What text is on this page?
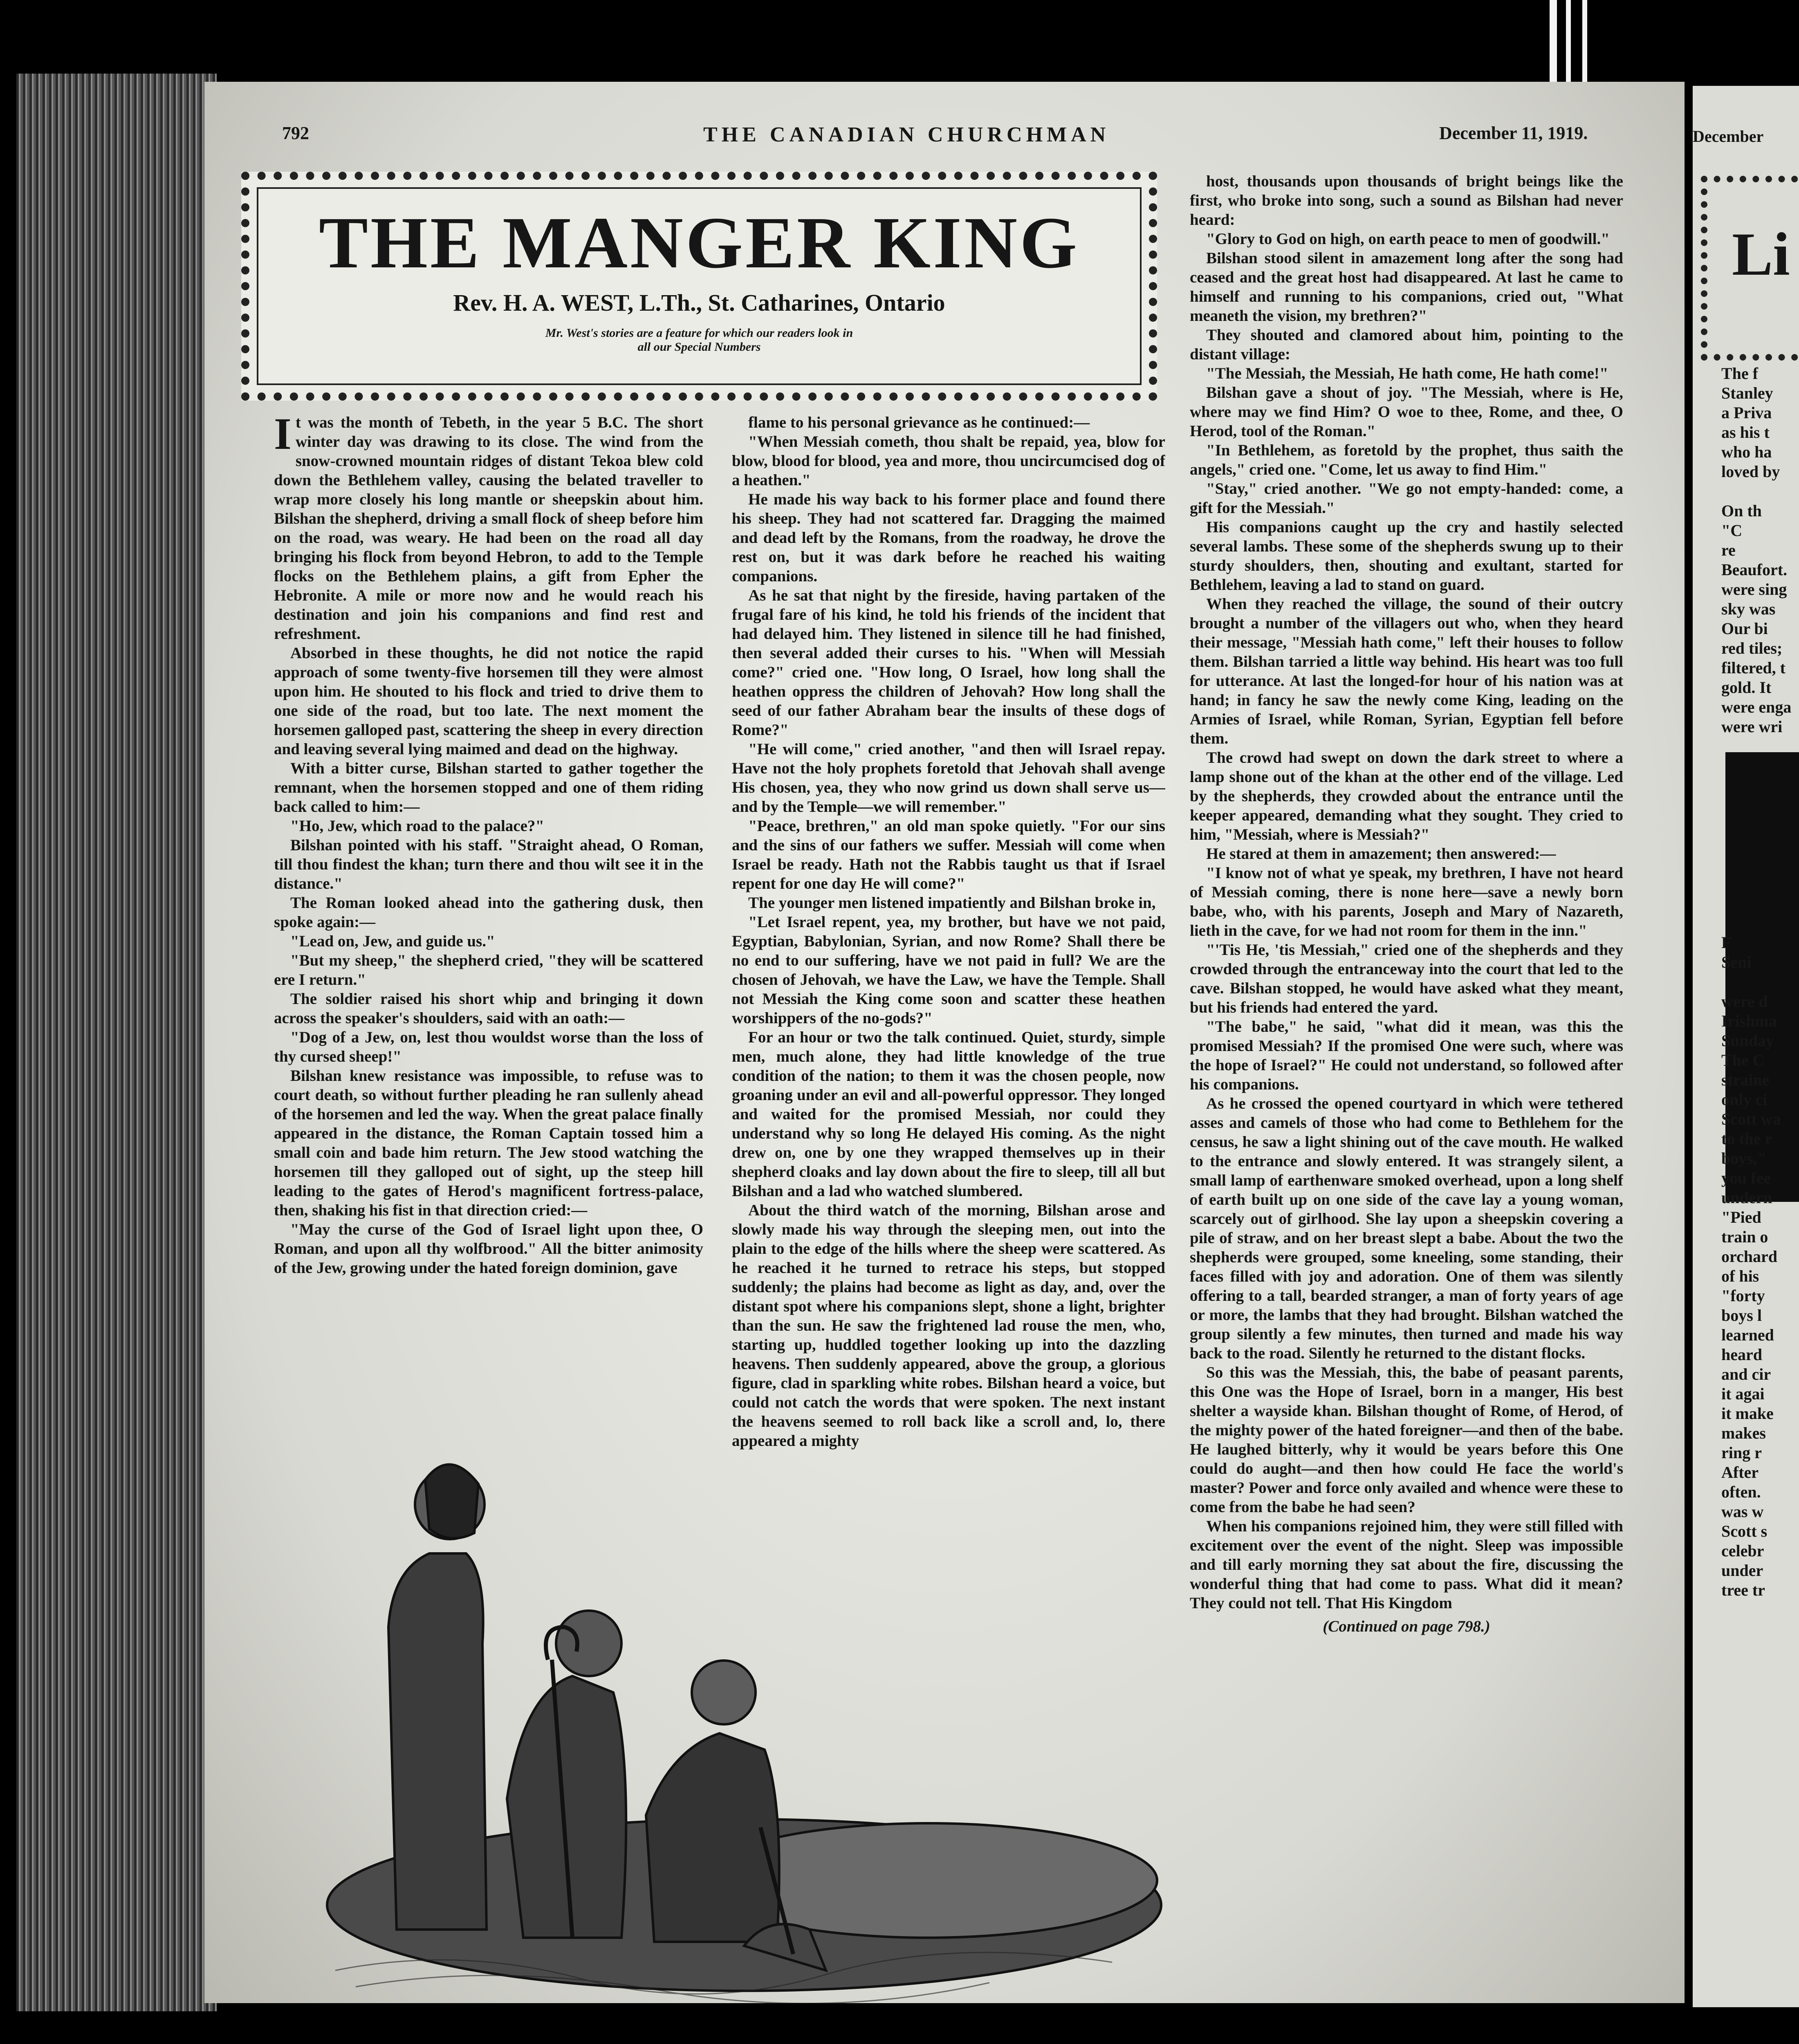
792	THE CANADIAN CHURCHMAN	December 11, 1919.
THE MANGER KING
Rev. H. A. WEST, L.Th., St. Catharines, Ontario
Mr. West's stories are a feature for which our readers look in all our Special Numbers

It was the month of Tebeth, in the year 5 B.C. The short winter day was drawing to its close. The wind from the snow-crowned mountain ridges of distant Tekoa blew cold down the Bethlehem valley, causing the belated traveller to wrap more closely his long mantle or sheepskin about him. Bilshan the shepherd, driving a small flock of sheep before him on the road, was weary. He had been on the road all day bringing his flock from beyond Hebron, to add to the Temple flocks on the Bethlehem plains, a gift from Epher the Hebronite. A mile or more now and he would reach his destination and join his companions and find rest and refreshment.

Absorbed in these thoughts, he did not notice the rapid approach of some twenty-five horsemen till they were almost upon him. He shouted to his flock and tried to drive them to one side of the road, but too late. The next moment the horsemen galloped past, scattering the sheep in every direction and leaving several lying maimed and dead on the highway.

With a bitter curse, Bilshan started to gather together the remnant, when the horsemen stopped and one of them riding back called to him:—

"Ho, Jew, which road to the palace?"

Bilshan pointed with his staff. "Straight ahead, O Roman, till thou findest the khan; turn there and thou wilt see it in the distance."

The Roman looked ahead into the gathering dusk, then spoke again:—

"Lead on, Jew, and guide us."

"But my sheep," the shepherd cried, "they will be scattered ere I return."

The soldier raised his short whip and bringing it down across the speaker's shoulders, said with an oath:—

"Dog of a Jew, on, lest thou wouldst worse than the loss of thy cursed sheep!"

Bilshan knew resistance was impossible, to refuse was to court death, so without further pleading he ran sullenly ahead of the horsemen and led the way. When the great palace finally appeared in the distance, the Roman Captain tossed him a small coin and bade him return. The Jew stood watching the horsemen till they galloped out of sight, up the steep hill leading to the gates of Herod's magnificent fortress-palace, then, shaking his fist in that direction cried:—

"May the curse of the God of Israel light upon thee, O Roman, and upon all thy wolfbrood." All the bitter animosity of the Jew, growing under the hated foreign dominion, gave

flame to his personal grievance as he continued:—

"When Messiah cometh, thou shalt be repaid, yea, blow for blow, blood for blood, yea and more, thou uncircumcised dog of a heathen."

He made his way back to his former place and found there his sheep. They had not scattered far. Dragging the maimed and dead left by the Romans, from the roadway, he drove the rest on, but it was dark before he reached his waiting companions.

As he sat that night by the fireside, having partaken of the frugal fare of his kind, he told his friends of the incident that had delayed him. They listened in silence till he had finished, then several added their curses to his. "When will Messiah come?" cried one. "How long, O Israel, how long shall the heathen oppress the children of Jehovah? How long shall the seed of our father Abraham bear the insults of these dogs of Rome?"

"He will come," cried another, "and then will Israel repay. Have not the holy prophets foretold that Jehovah shall avenge His chosen, yea, they who now grind us down shall serve us—and by the Temple—we will remember."

"Peace, brethren," an old man spoke quietly. "For our sins and the sins of our fathers we suffer. Messiah will come when Israel be ready. Hath not the Rabbis taught us that if Israel repent for one day He will come?"

The younger men listened impatiently and Bilshan broke in,

"Let Israel repent, yea, my brother, but have we not paid, Egyptian, Babylonian, Syrian, and now Rome? Shall there be no end to our suffering, have we not paid in full? We are the chosen of Jehovah, we have the Law, we have the Temple. Shall not Messiah the King come soon and scatter these heathen worshippers of the no-gods?"

For an hour or two the talk continued. Quiet, sturdy, simple men, much alone, they had little knowledge of the true condition of the nation; to them it was the chosen people, now groaning under an evil and all-powerful oppressor. They longed and waited for the promised Messiah, nor could they understand why so long He delayed His coming. As the night drew on, one by one they wrapped themselves up in their shepherd cloaks and lay down about the fire to sleep, till all but Bilshan and a lad who watched slumbered.

About the third watch of the morning, Bilshan arose and slowly made his way through the sleeping men, out into the plain to the edge of the hills where the sheep were scattered. As he reached it he turned to retrace his steps, but stopped suddenly; the plains had become as light as day, and, over the distant spot where his companions slept, shone a light, brighter than the sun. He saw the frightened lad rouse the men, who, starting up, huddled together looking up into the dazzling heavens. Then suddenly appeared, above the group, a glorious figure, clad in sparkling white robes. Bilshan heard a voice, but could not catch the words that were spoken. The next instant the heavens seemed to roll back like a scroll and, lo, there appeared a mighty

host, thousands upon thousands of bright beings like the first, who broke into song, such a sound as Bilshan had never heard:

"Glory to God on high, on earth peace to men of goodwill."

Bilshan stood silent in amazement long after the song had ceased and the great host had disappeared. At last he came to himself and running to his companions, cried out, "What meaneth the vision, my brethren?"

They shouted and clamored about him, pointing to the distant village:

"The Messiah, the Messiah, He hath come, He hath come!"

Bilshan gave a shout of joy. "The Messiah, where is He, where may we find Him? O woe to thee, Rome, and thee, O Herod, tool of the Roman."

"In Bethlehem, as foretold by the prophet, thus saith the angels," cried one. "Come, let us away to find Him."

"Stay," cried another. "We go not empty-handed: come, a gift for the Messiah."

His companions caught up the cry and hastily selected several lambs. These some of the shepherds swung up to their sturdy shoulders, then, shouting and exultant, started for Bethlehem, leaving a lad to stand on guard.

When they reached the village, the sound of their outcry brought a number of the villagers out who, when they heard their message, "Messiah hath come," left their houses to follow them. Bilshan tarried a little way behind. His heart was too full for utterance. At last the longed-for hour of his nation was at hand; in fancy he saw the newly come King, leading on the Armies of Israel, while Roman, Syrian, Egyptian fell before them.

The crowd had swept on down the dark street to where a lamp shone out of the khan at the other end of the village. Led by the shepherds, they crowded about the entrance until the keeper appeared, demanding what they sought. They cried to him, "Messiah, where is Messiah?"

He stared at them in amazement; then answered:—

"I know not of what ye speak, my brethren, I have not heard of Messiah coming, there is none here—save a newly born babe, who, with his parents, Joseph and Mary of Nazareth, lieth in the cave, for we had not room for them in the inn."

"'Tis He, 'tis Messiah," cried one of the shepherds and they crowded through the entranceway into the court that led to the cave. Bilshan stopped, he would have asked what they meant, but his friends had entered the yard.

"The babe," he said, "what did it mean, was this the promised Messiah? If the promised One were such, where was the hope of Israel?" He could not understand, so followed after his companions.

As he crossed the opened courtyard in which were tethered asses and camels of those who had come to Bethlehem for the census, he saw a light shining out of the cave mouth. He walked to the entrance and slowly entered. It was strangely silent, a small lamp of earthenware smoked overhead, upon a long shelf of earth built up on one side of the cave lay a young woman, scarcely out of girlhood. She lay upon a sheepskin covering a pile of straw, and on her breast slept a babe. About the two the shepherds were grouped, some kneeling, some standing, their faces filled with joy and adoration. One of them was silently offering to a tall, bearded stranger, a man of forty years of age or more, the lambs that they had brought. Bilshan watched the group silently a few minutes, then turned and made his way back to the road. Silently he returned to the distant flocks.

So this was the Messiah, this, the babe of peasant parents, this One was the Hope of Israel, born in a manger, His best shelter a wayside khan. Bilshan thought of Rome, of Herod, of the mighty power of the hated foreigner—and then of the babe. He laughed bitterly, why it would be years before this One could do aught—and then how could He face the world's master? Power and force only availed and whence were these to come from the babe he had seen?

When his companions rejoined him, they were still filled with excitement over the event of the night. Sleep was impossible and till early morning they sat about the fire, discussing the wonderful thing that had come to pass. What did it mean? They could not tell. That His Kingdom

(Continued on page 798.)
December
Li
The f
Stanley
a Priva
as his t
who ha
loved by
On th
"C
re
Beaufort.
were sing
sky was
Our bi
red tiles;
filtered, t
gold. It
were enga
were wri
F
Seni
were d
Irishma
Sunday
The C
straine
only ci
Scott wa
to the r
boys,"
you fee
undern
"Pied
train o
orchard
of his
"forty
boys l
learned
heard
and cir
it agai
it make
makes
ring r
After
often.
was w
Scott s
celebr
under
tree tr
